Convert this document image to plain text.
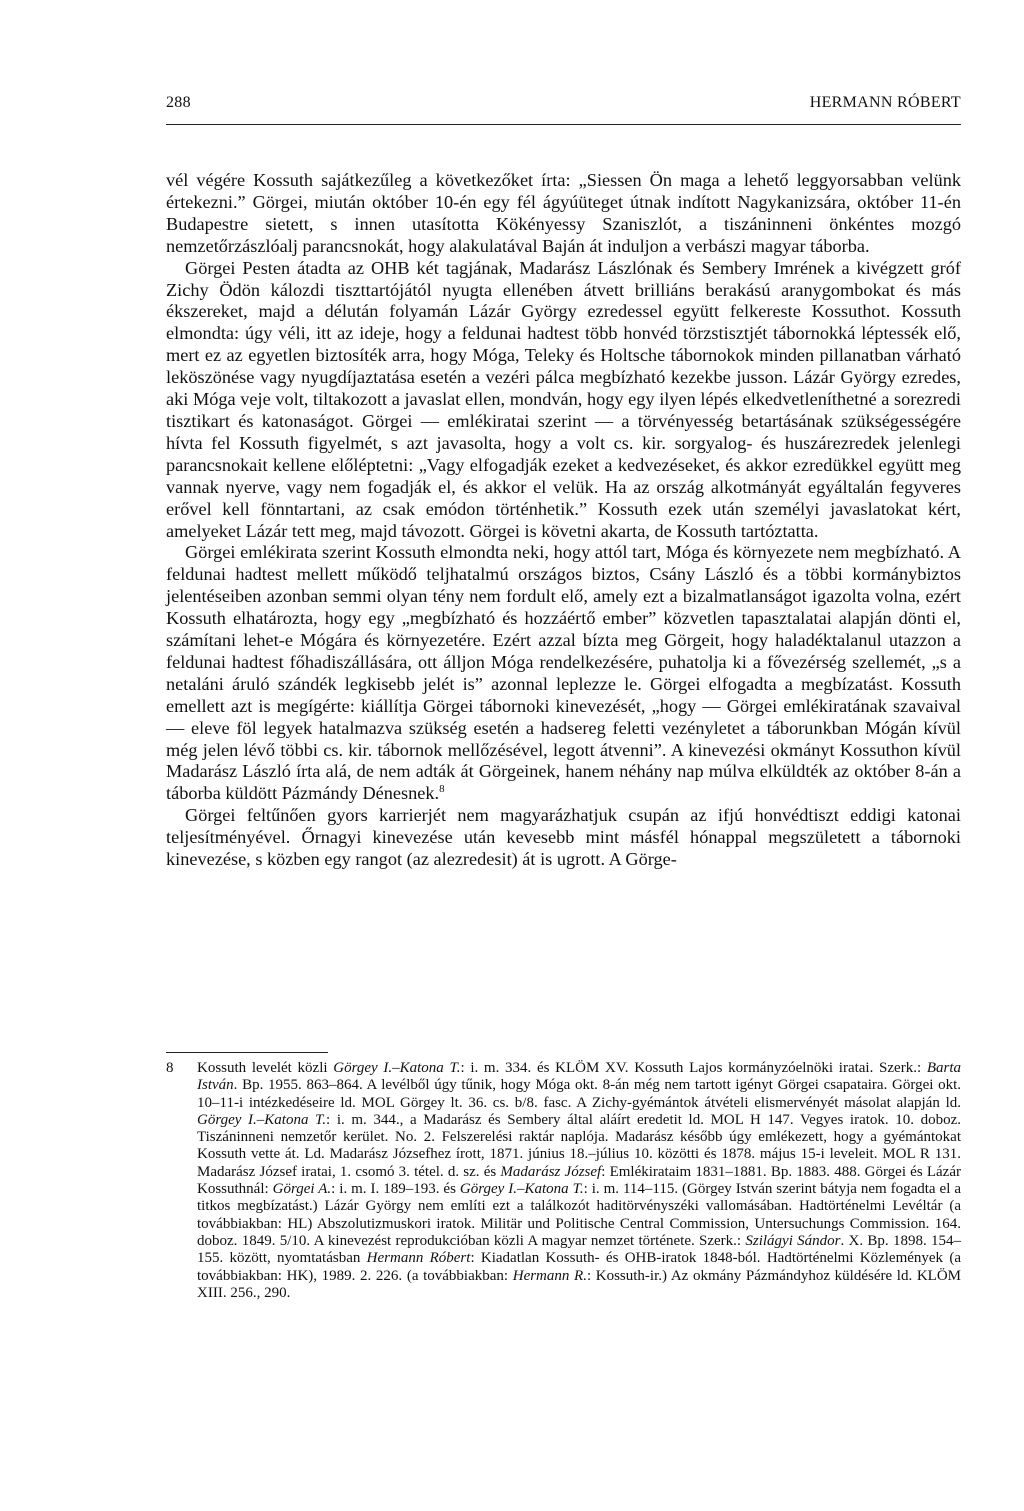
288	HERMANN RÓBERT

vél végére Kossuth sajátkezűleg a következőket írta: „Siessen Ön maga a lehető leggyorsabban velünk értekezni.” Görgei, miután október 10-én egy fél ágyúüteget útnak indított Nagykanizsára, október 11-én Budapestre sietett, s innen utasította Kökényessy Szaniszlót, a tiszáninneni önkéntes mozgó nemzetőrzászlóalj parancsnokát, hogy alakulatával Baján át induljon a verbászi magyar táborba.

Görgei Pesten átadta az OHB két tagjának, Madarász Lászlónak és Sembery Imrének a kivégzett gróf Zichy Ödön kálozdi tiszttartójától nyugta ellenében átvett brilliáns berakású aranygombokat és más ékszereket, majd a délután folyamán Lázár György ezredessel együtt felkereste Kossuthot. Kossuth elmondta: úgy véli, itt az ideje, hogy a feldunai hadtest több honvéd törzstisztjét tábornokká léptessék elő, mert ez az egyetlen biztosíték arra, hogy Móga, Teleky és Holtsche tábornokok minden pillanatban várható leköszönése vagy nyugdíjaztatása esetén a vezéri pálca megbízható kezekbe jusson. Lázár György ezredes, aki Móga veje volt, tiltakozott a javaslat ellen, mondván, hogy egy ilyen lépés elkedvetleníthetné a sorezredi tisztikart és katonaságot. Görgei — emlékiratai szerint — a törvényesség betartásának szükségességére hívta fel Kossuth figyelmét, s azt javasolta, hogy a volt cs. kir. sorgyalog- és huszárezredek jelenlegi parancsnokait kellene előléptetni: „Vagy elfogadják ezeket a kedvezéseket, és akkor ezredükkel együtt meg vannak nyerve, vagy nem fogadják el, és akkor el velük. Ha az ország alkotmányát egyáltalán fegyveres erővel kell fönntartani, az csak emódon történhetik.” Kossuth ezek után személyi javaslatokat kért, amelyeket Lázár tett meg, majd távozott. Görgei is követni akarta, de Kossuth tartóztatta.

Görgei emlékirata szerint Kossuth elmondta neki, hogy attól tart, Móga és környezete nem megbízható. A feldunai hadtest mellett működő teljhatalmú országos biztos, Csány László és a többi kormánybiztos jelentéseiben azonban semmi olyan tény nem fordult elő, amely ezt a bizalmatlanságot igazolta volna, ezért Kossuth elhatározta, hogy egy „megbízható és hozzáértő ember” közvetlen tapasztalatai alapján dönti el, számítani lehet-e Mógára és környezetére. Ezért azzal bízta meg Görgeit, hogy haladéktalanul utazzon a feldunai hadtest főhadiszállására, ott álljon Móga rendelkezésére, puhatolja ki a fővezérség szellemét, „s a netaláni áruló szándék legkisebb jelét is” azonnal leplezze le. Görgei elfogadta a megbízatást. Kossuth emellett azt is megígérte: kiállítja Görgei tábornoki kinevezését, „hogy — Görgei emlékiratának szavaival — eleve föl legyek hatalmazva szükség esetén a hadsereg feletti vezényletet a táborunkban Mógán kívül még jelen lévő többi cs. kir. tábornok mellőzésével, legott átvenni”. A kinevezési okmányt Kossuthon kívül Madarász László írta alá, de nem adták át Görgeinek, hanem néhány nap múlva elküldték az október 8-án a táborba küldött Pázmándy Dénesnek.$^8$

Görgei feltűnően gyors karrierjét nem magyarázhatjuk csupán az ifjú honvédtiszt eddigi katonai teljesítményével. Őrnagyi kinevezése után kevesebb mint másfél hónappal megszületett a tábornoki kinevezése, s közben egy rangot (az alezredesit) át is ugrott. A Görge-

8	Kossuth levelét közli Görgey I.–Katona T.: i. m. 334. és KLÖM XV. Kossuth Lajos kormányzóelnöki iratai. Szerk.: Barta István. Bp. 1955. 863–864. A levélből úgy tűnik, hogy Móga okt. 8-án még nem tartott igényt Görgei csapataira. Görgei okt. 10–11-i intézkedéseire ld. MOL Görgey lt. 36. cs. b/8. fasc. A Zichy-gyémántok átvételi elismervényét másolat alapján ld. Görgey I.–Katona T.: i. m. 344., a Madarász és Sembery által aláírt eredetit ld. MOL H 147. Vegyes iratok. 10. doboz. Tiszáninneni nemzetőr kerület. No. 2. Felszerelési raktár naplója. Madarász később úgy emlékezett, hogy a gyémántokat Kossuth vette át. Ld. Madarász Józsefhez írott, 1871. június 18.–július 10. közötti és 1878. május 15-i leveleit. MOL R 131. Madarász József iratai, 1. csomó 3. tétel. d. sz. és Madarász József: Emlékirataim 1831–1881. Bp. 1883. 488. Görgei és Lázár Kossuthnál: Görgei A.: i. m. I. 189–193. és Görgey I.–Katona T.: i. m. 114–115. (Görgey István szerint bátyja nem fogadta el a titkos megbízatást.) Lázár György nem említi ezt a találkozót haditörvényszéki vallomásában. Hadtörténelmi Levéltár (a továbbiakban: HL) Abszolutizmuskori iratok. Militär und Politische Central Commission, Untersuchungs Commission. 164. doboz. 1849. 5/10. A kinevezést reprodukcióban közli A magyar nemzet története. Szerk.: Szilágyi Sándor. X. Bp. 1898. 154–155. között, nyomtatásban Hermann Róbert: Kiadatlan Kossuth- és OHB-iratok 1848-ból. Hadtörténelmi Közlemények (a továbbiakban: HK), 1989. 2. 226. (a továbbiakban: Hermann R.: Kossuth-ir.) Az okmány Pázmándyhoz küldésére ld. KLÖM XIII. 256., 290.
